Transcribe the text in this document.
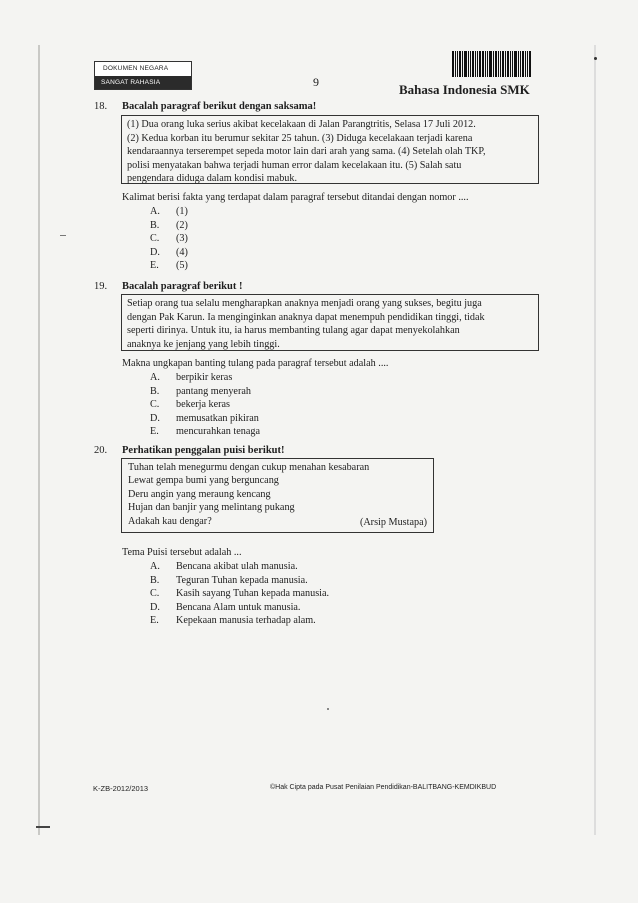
DOKUMEN NEGARA
SANGAT RAHASIA	9	Bahasa Indonesia SMK
18. Bacalah paragraf berikut dengan saksama!
(1) Dua orang luka serius akibat kecelakaan di Jalan Parangtritis, Selasa 17 Juli 2012.
(2) Kedua korban itu berumur sekitar 25 tahun. (3) Diduga kecelakaan terjadi karena
kendaraannya terserempet sepeda motor lain dari arah yang sama. (4) Setelah olah TKP,
polisi menyatakan bahwa terjadi human error dalam kecelakaan itu. (5) Salah satu
pengendara diduga dalam kondisi mabuk.
Kalimat berisi fakta yang terdapat dalam paragraf tersebut ditandai dengan nomor ....
A.	(1)
B.	(2)
C.	(3)
D.	(4)
E.	(5)
19. Bacalah paragraf berikut !
Setiap orang tua selalu mengharapkan anaknya menjadi orang yang sukses, begitu juga
dengan Pak Karun. Ia menginginkan anaknya dapat menempuh pendidikan tinggi, tidak
seperti dirinya. Untuk itu, ia harus membanting tulang agar dapat menyekolahkan
anaknya ke jenjang yang lebih tinggi.
Makna ungkapan banting tulang pada paragraf tersebut adalah ....
A.	berpikir keras
B.	pantang menyerah
C.	bekerja keras
D.	memusatkan pikiran
E.	mencurahkan tenaga
20. Perhatikan penggalan puisi berikut!
Tuhan telah menegurmu dengan cukup menahan kesabaran
Lewat gempa bumi yang berguncang
Deru angin yang meraung kencang
Hujan dan banjir yang melintang pukang
Adakah kau dengar?	(Arsip Mustapa)
Tema Puisi tersebut adalah ...
A.	Bencana akibat ulah manusia.
B.	Teguran Tuhan kepada manusia.
C.	Kasih sayang Tuhan kepada manusia.
D.	Bencana Alam untuk manusia.
E.	Kepekaan manusia terhadap alam.
K-ZB-2012/2013	©Hak Cipta pada Pusat Penilaian Pendidikan-BALITBANG-KEMDIKBUD
